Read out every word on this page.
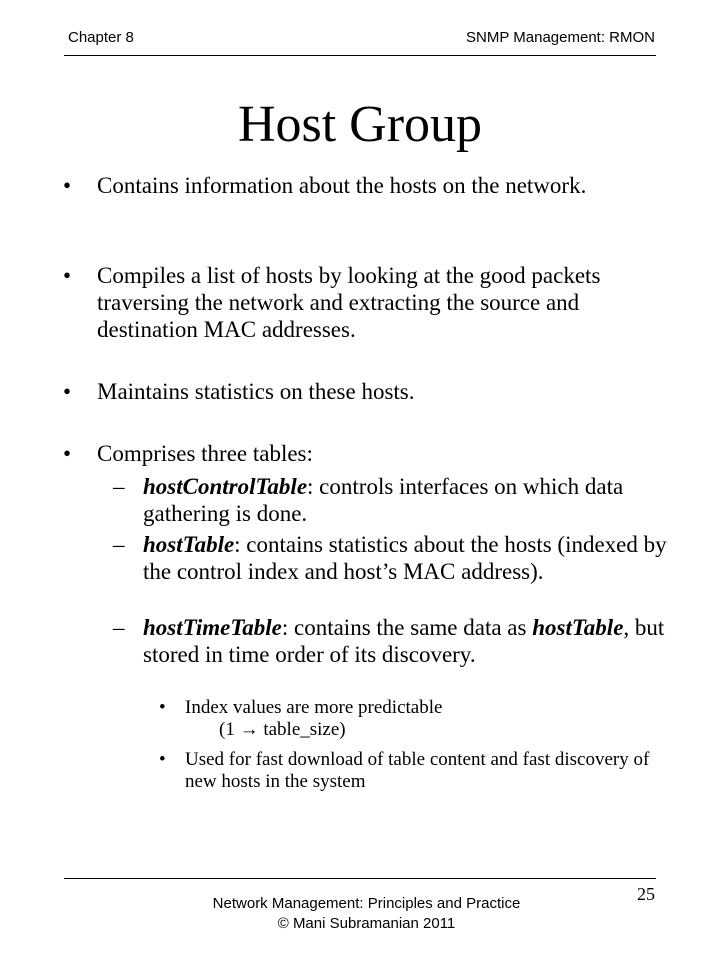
Chapter 8	SNMP Management: RMON
Host Group
• Contains information about the hosts on the network.
• Compiles a list of hosts by looking at the good packets traversing the network and extracting the source and destination MAC addresses.
• Maintains statistics on these hosts.
• Comprises three tables:
– hostControlTable: controls interfaces on which data gathering is done.
– hostTable: contains statistics about the hosts (indexed by the control index and host’s MAC address).
– hostTimeTable: contains the same data as hostTable, but stored in time order of its discovery.
• Index values are more predictable
(1 → table_size)
• Used for fast download of table content and fast discovery of new hosts in the system
Network Management: Principles and Practice
© Mani Subramanian 2011
25
